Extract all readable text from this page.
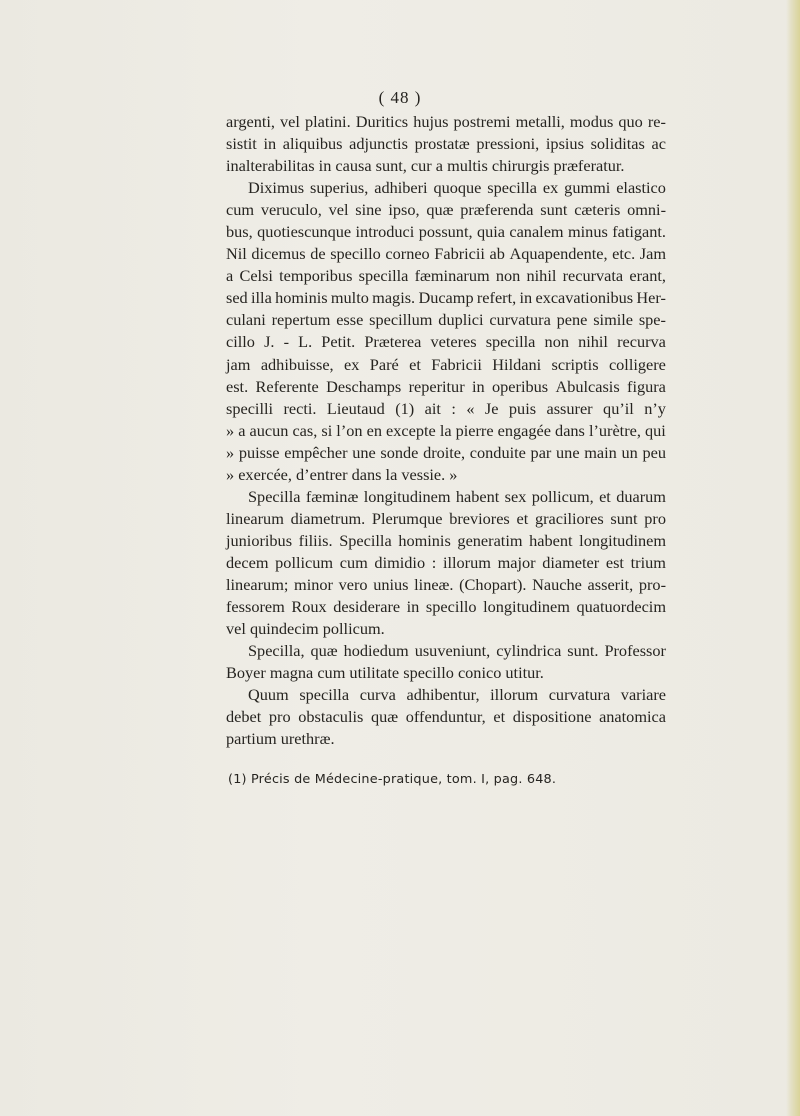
( 48 )
argenti, vel platini. Duritics hujus postremi metalli, modus quo re-
sistit in aliquibus adjunctis prostatæ pressioni, ipsius soliditas ac
inalterabilitas in causa sunt, cur a multis chirurgis præferatur.
Diximus superius, adhiberi quoque specilla ex gummi elastico
cum veruculo, vel sine ipso, quæ præferenda sunt cæteris omni-
bus, quotiescunque introduci possunt, quia canalem minus fatigant.
Nil dicemus de specillo corneo Fabricii ab Aquapendente, etc. Jam
a Celsi temporibus specilla fæminarum non nihil recurvata erant,
sed illa hominis multo magis. Ducamp refert, in excavationibus Her-
culani repertum esse specillum duplici curvatura pene simile spe-
cillo J. - L. Petit. Præterea veteres specilla non nihil recurva
jam adhibuisse, ex Paré et Fabricii Hildani scriptis colligere
est. Referente Deschamps reperitur in operibus Abulcasis figura
specilli recti. Lieutaud (1) ait : « Je puis assurer qu’il n’y
» a aucun cas, si l’on en excepte la pierre engagée dans l’urètre, qui
» puisse empêcher une sonde droite, conduite par une main un peu
» exercée, d’entrer dans la vessie. »
Specilla fæminæ longitudinem habent sex pollicum, et duarum
linearum diametrum. Plerumque breviores et graciliores sunt pro
junioribus filiis. Specilla hominis generatim habent longitudinem
decem pollicum cum dimidio : illorum major diameter est trium
linearum; minor vero unius lineæ. (Chopart). Nauche asserit, pro-
fessorem Roux desiderare in specillo longitudinem quatuordecim
vel quindecim pollicum.
Specilla, quæ hodiedum usuveniunt, cylindrica sunt. Professor
Boyer magna cum utilitate specillo conico utitur.
Quum specilla curva adhibentur, illorum curvatura variare
debet pro obstaculis quæ offenduntur, et dispositione anatomica
partium urethræ.
(1) Précis de Médecine-pratique, tom. I, pag. 648.
